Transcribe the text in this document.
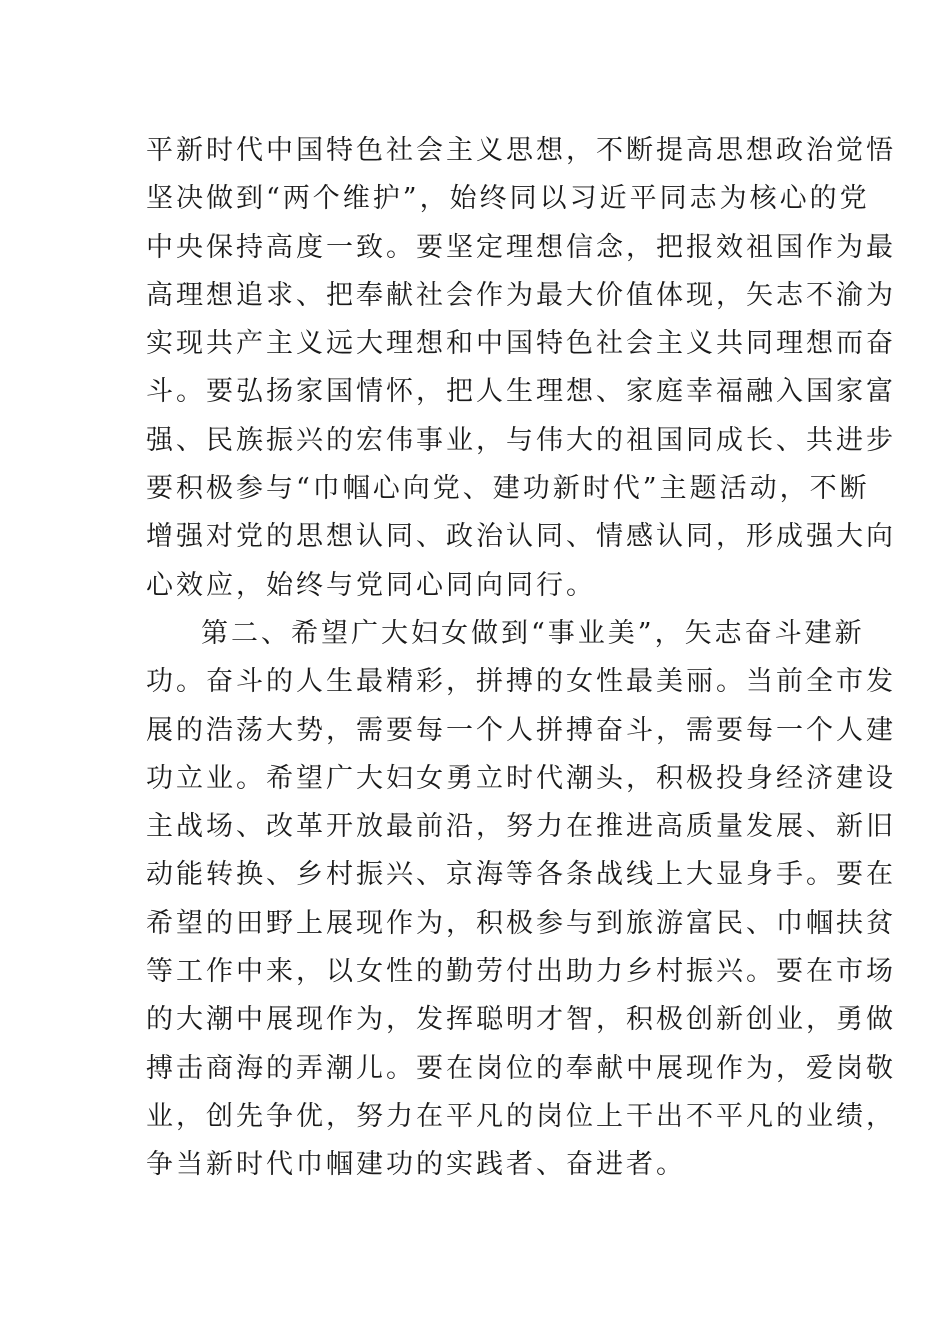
平新时代中国特色社会主义思想，不断提高思想政治觉悟
坚决做到“两个维护”，始终同以习近平同志为核心的党
中央保持高度一致。要坚定理想信念，把报效祖国作为最
高理想追求、把奉献社会作为最大价值体现，矢志不渝为
实现共产主义远大理想和中国特色社会主义共同理想而奋
斗。要弘扬家国情怀，把人生理想、家庭幸福融入国家富
强、民族振兴的宏伟事业，与伟大的祖国同成长、共进步
要积极参与“巾帼心向党、建功新时代”主题活动，不断
增强对党的思想认同、政治认同、情感认同，形成强大向
心效应，始终与党同心同向同行。
第二、希望广大妇女做到“事业美”，矢志奋斗建新
功。奋斗的人生最精彩，拼搏的女性最美丽。当前全市发
展的浩荡大势，需要每一个人拼搏奋斗，需要每一个人建
功立业。希望广大妇女勇立时代潮头，积极投身经济建设
主战场、改革开放最前沿，努力在推进高质量发展、新旧
动能转换、乡村振兴、京海等各条战线上大显身手。要在
希望的田野上展现作为，积极参与到旅游富民、巾帼扶贫
等工作中来，以女性的勤劳付出助力乡村振兴。要在市场
的大潮中展现作为，发挥聪明才智，积极创新创业，勇做
搏击商海的弄潮儿。要在岗位的奉献中展现作为，爱岗敬
业，创先争优，努力在平凡的岗位上干出不平凡的业绩，
争当新时代巾帼建功的实践者、奋进者。
